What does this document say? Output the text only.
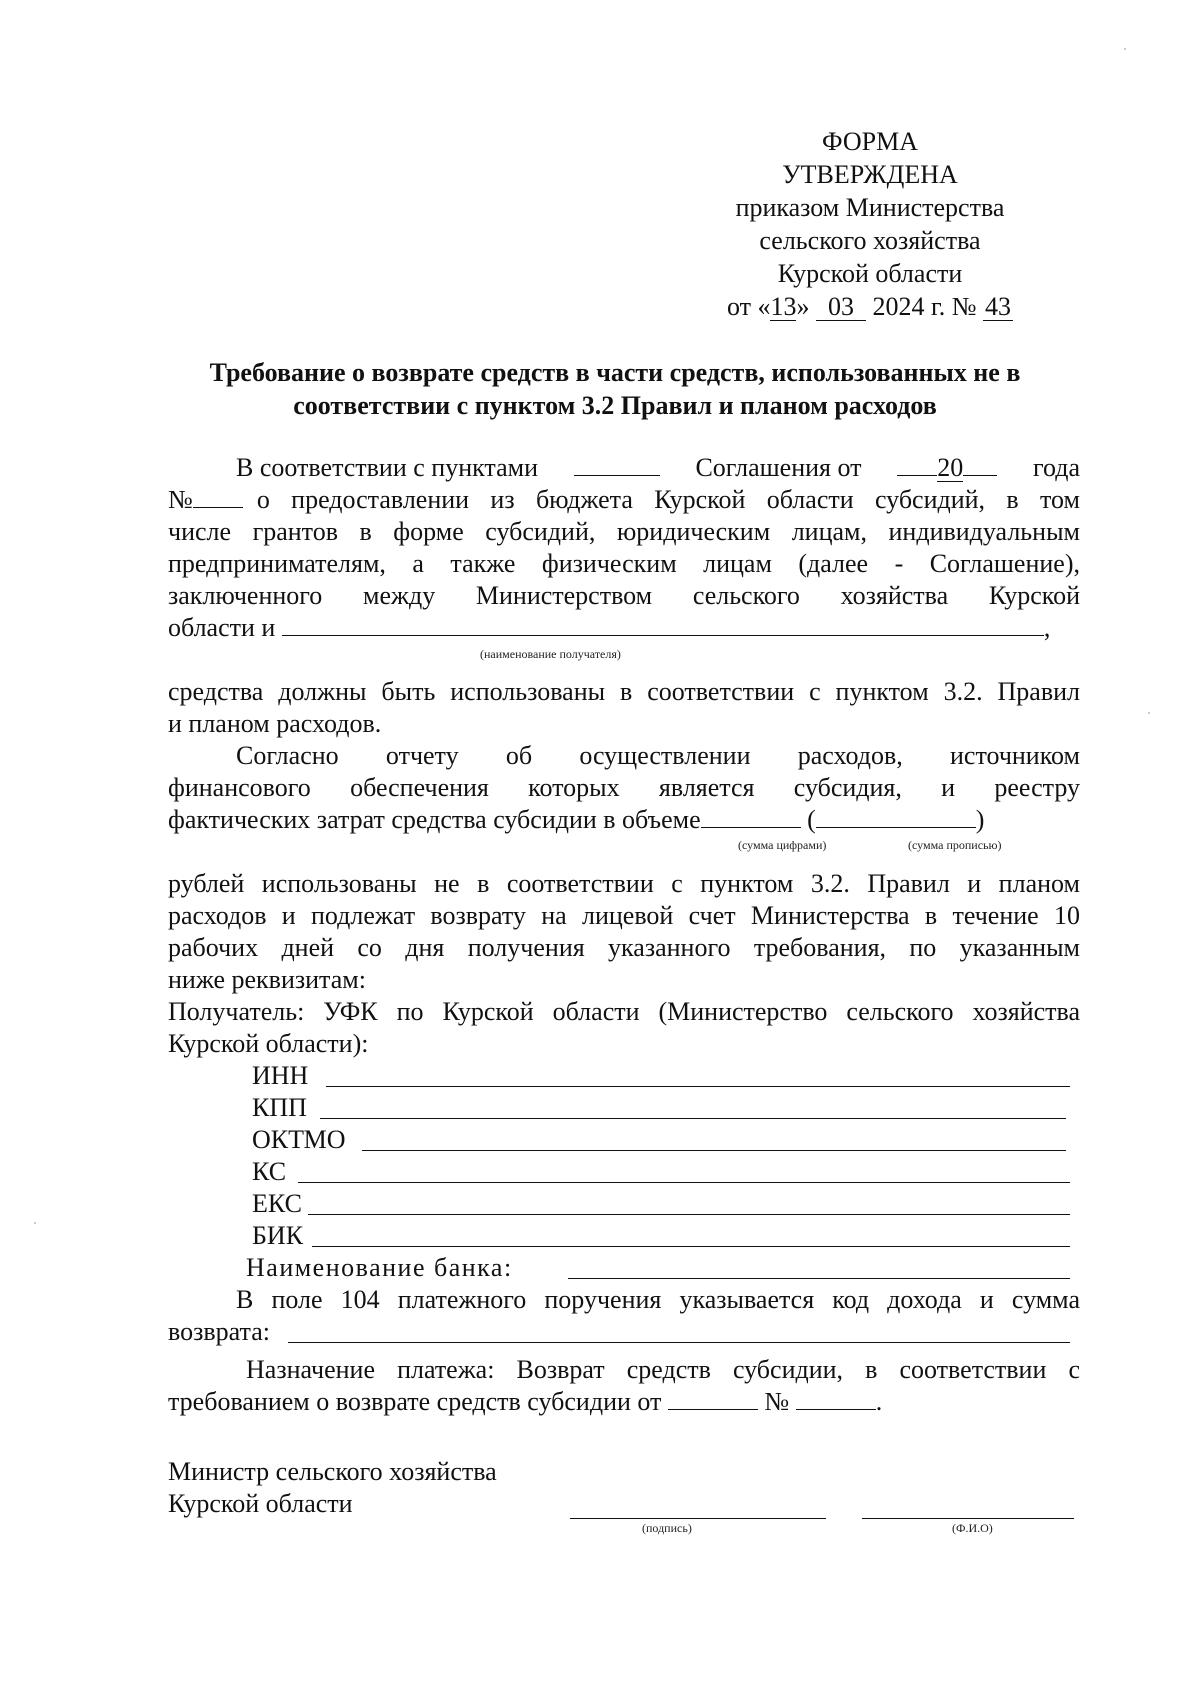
ФОРМА
УТВЕРЖДЕНА
приказом Министерства
сельского хозяйства
Курской области
от «13» 03 2024 г. № 43
Требование о возврате средств в части средств, использованных не в соответствии с пунктом 3.2 Правил и планом расходов
В соответствии с пунктами	Соглашения от	20	года
№ о предоставлении из бюджета Курской области субсидий, в том
числе грантов в форме субсидий, юридическим лицам, индивидуальным
предпринимателям, а также физическим лицам (далее - Соглашение),
заключенного между Министерством сельского хозяйства Курской
области и	,
(наименование получателя)
средства должны быть использованы в соответствии с пунктом 3.2. Правил
и планом расходов.
Согласно отчету об осуществлении расходов, источником
финансового обеспечения которых является субсидия, и реестру
фактических затрат средства субсидии в объеме	(	)
(сумма цифрами)	(сумма прописью)
рублей использованы не в соответствии с пунктом 3.2. Правил и планом
расходов и подлежат возврату на лицевой счет Министерства в течение 10
рабочих дней со дня получения указанного требования, по указанным
ниже реквизитам:
Получатель: УФК по Курской области (Министерство сельского хозяйства
Курской области):
ИНН
КПП
ОКТМО
КС
ЕКС
БИК
Наименование банка:
В поле 104 платежного поручения указывается код дохода и сумма
возврата:
Назначение платежа: Возврат средств субсидии, в соответствии с
требованием о возврате средств субсидии от	№	.
Министр сельского хозяйства
Курской области
(подпись)	(Ф.И.О)
